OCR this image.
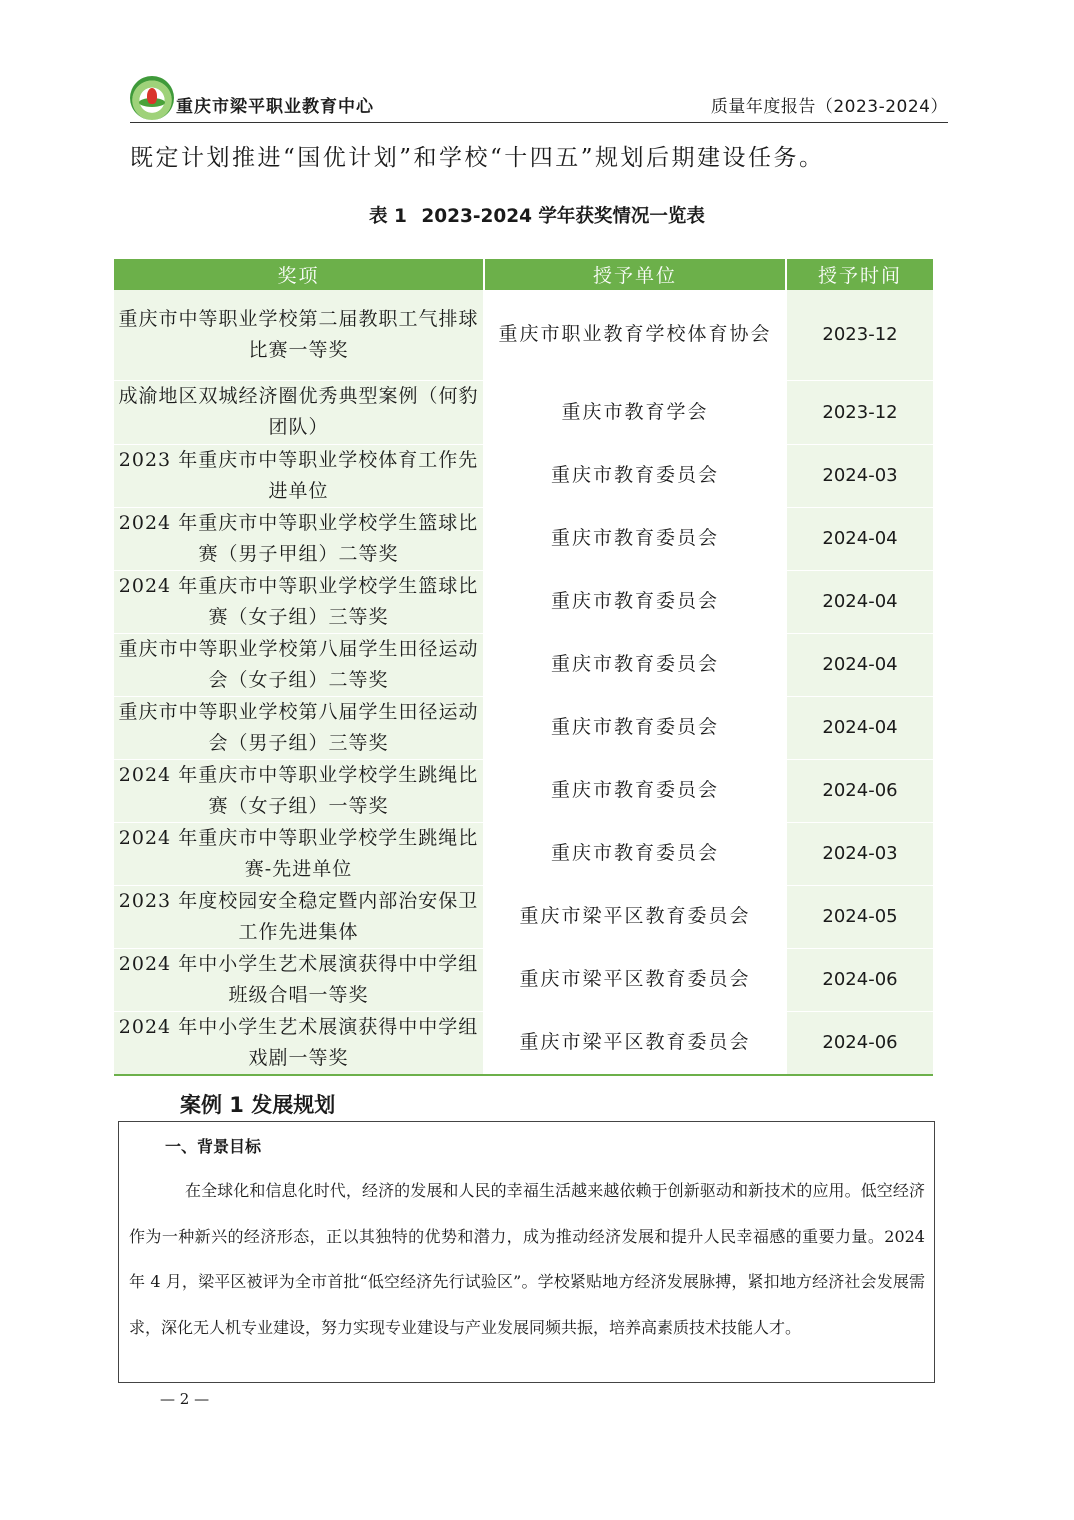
重庆市梁平职业教育中心	质量年度报告（2023-2024）
既定计划推进“国优计划”和学校“十四五”规划后期建设任务。
表 1 2023-2024 学年获奖情况一览表
奖项	授予单位	授予时间
重庆市中等职业学校第二届教职工气排球比赛一等奖	重庆市职业教育学校体育协会	2023-12
成渝地区双城经济圈优秀典型案例（何豹团队）	重庆市教育学会	2023-12
2023 年重庆市中等职业学校体育工作先进单位	重庆市教育委员会	2024-03
2024 年重庆市中等职业学校学生篮球比赛（男子甲组）二等奖	重庆市教育委员会	2024-04
2024 年重庆市中等职业学校学生篮球比赛（女子组）三等奖	重庆市教育委员会	2024-04
重庆市中等职业学校第八届学生田径运动会（女子组）二等奖	重庆市教育委员会	2024-04
重庆市中等职业学校第八届学生田径运动会（男子组）三等奖	重庆市教育委员会	2024-04
2024 年重庆市中等职业学校学生跳绳比赛（女子组）一等奖	重庆市教育委员会	2024-06
2024 年重庆市中等职业学校学生跳绳比赛-先进单位	重庆市教育委员会	2024-03
2023 年度校园安全稳定暨内部治安保卫工作先进集体	重庆市梁平区教育委员会	2024-05
2024 年中小学生艺术展演获得中中学组班级合唱一等奖	重庆市梁平区教育委员会	2024-06
2024 年中小学生艺术展演获得中中学组戏剧一等奖	重庆市梁平区教育委员会	2024-06
案例 1 发展规划
一、背景目标
在全球化和信息化时代，经济的发展和人民的幸福生活越来越依赖于创新驱动和新技术的应用。低空经济作为一种新兴的经济形态，正以其独特的优势和潜力，成为推动经济发展和提升人民幸福感的重要力量。2024 年 4 月，梁平区被评为全市首批“低空经济先行试验区”。学校紧贴地方经济发展脉搏，紧扣地方经济社会发展需求，深化无人机专业建设，努力实现专业建设与产业发展同频共振，培养高素质技术技能人才。
— 2 —
